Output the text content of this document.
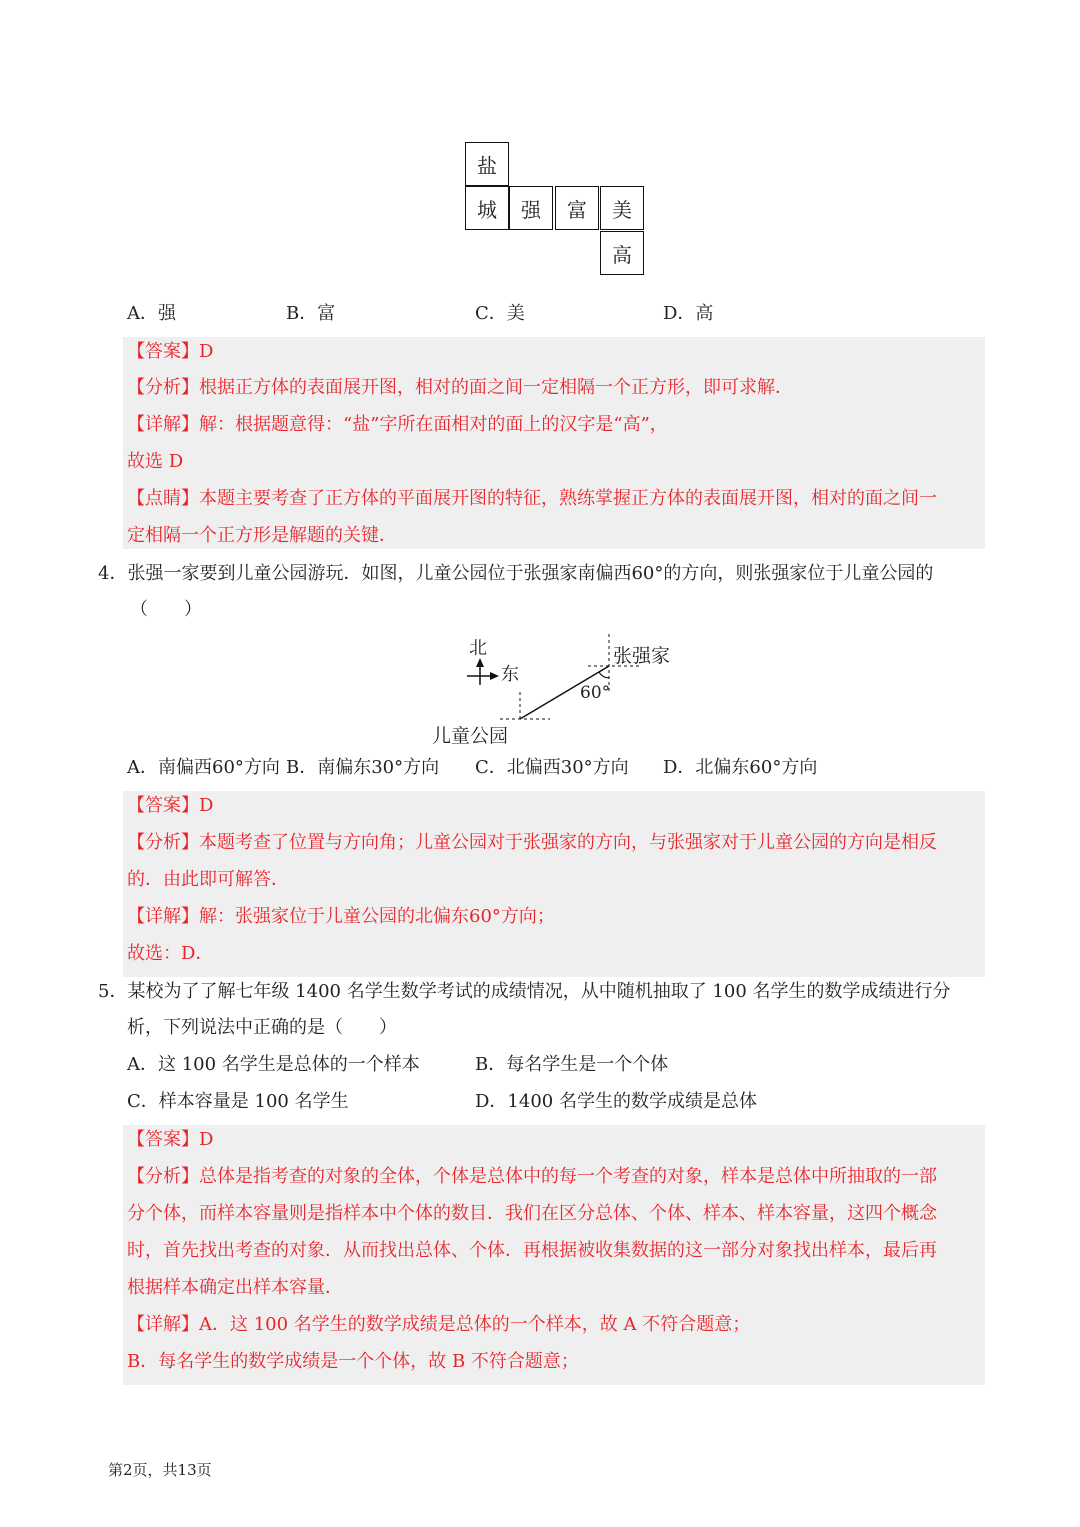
盐
城	强	富	美
高
A．强	B．富	C．美	D．高
【答案】D
【分析】根据正方体的表面展开图，相对的面之间一定相隔一个正方形，即可求解．
【详解】解：根据题意得：“盐”字所在面相对的面上的汉字是“高”，
故选 D
【点睛】本题主要考查了正方体的平面展开图的特征，熟练掌握正方体的表面展开图，相对的面之间一
定相隔一个正方形是解题的关键．
4．张强一家要到儿童公园游玩．如图，儿童公园位于张强家南偏西60°的方向，则张强家位于儿童公园的
（　　）
北
东
张强家
60°
儿童公园
A．南偏西60°方向 B．南偏东30°方向 C．北偏西30°方向 D．北偏东60°方向
【答案】D
【分析】本题考查了位置与方向角；儿童公园对于张强家的方向，与张强家对于儿童公园的方向是相反
的．由此即可解答．
【详解】解：张强家位于儿童公园的北偏东60°方向；
故选：D．
5．某校为了了解七年级 1400 名学生数学考试的成绩情况，从中随机抽取了 100 名学生的数学成绩进行分
析，下列说法中正确的是（　　）
A．这 100 名学生是总体的一个样本	B．每名学生是一个个体
C．样本容量是 100 名学生	D．1400 名学生的数学成绩是总体
【答案】D
【分析】总体是指考查的对象的全体，个体是总体中的每一个考查的对象，样本是总体中所抽取的一部
分个体，而样本容量则是指样本中个体的数目．我们在区分总体、个体、样本、样本容量，这四个概念
时，首先找出考查的对象．从而找出总体、个体．再根据被收集数据的这一部分对象找出样本，最后再
根据样本确定出样本容量．
【详解】A．这 100 名学生的数学成绩是总体的一个样本，故 A 不符合题意；
B．每名学生的数学成绩是一个个体，故 B 不符合题意；
第2页，共13页
